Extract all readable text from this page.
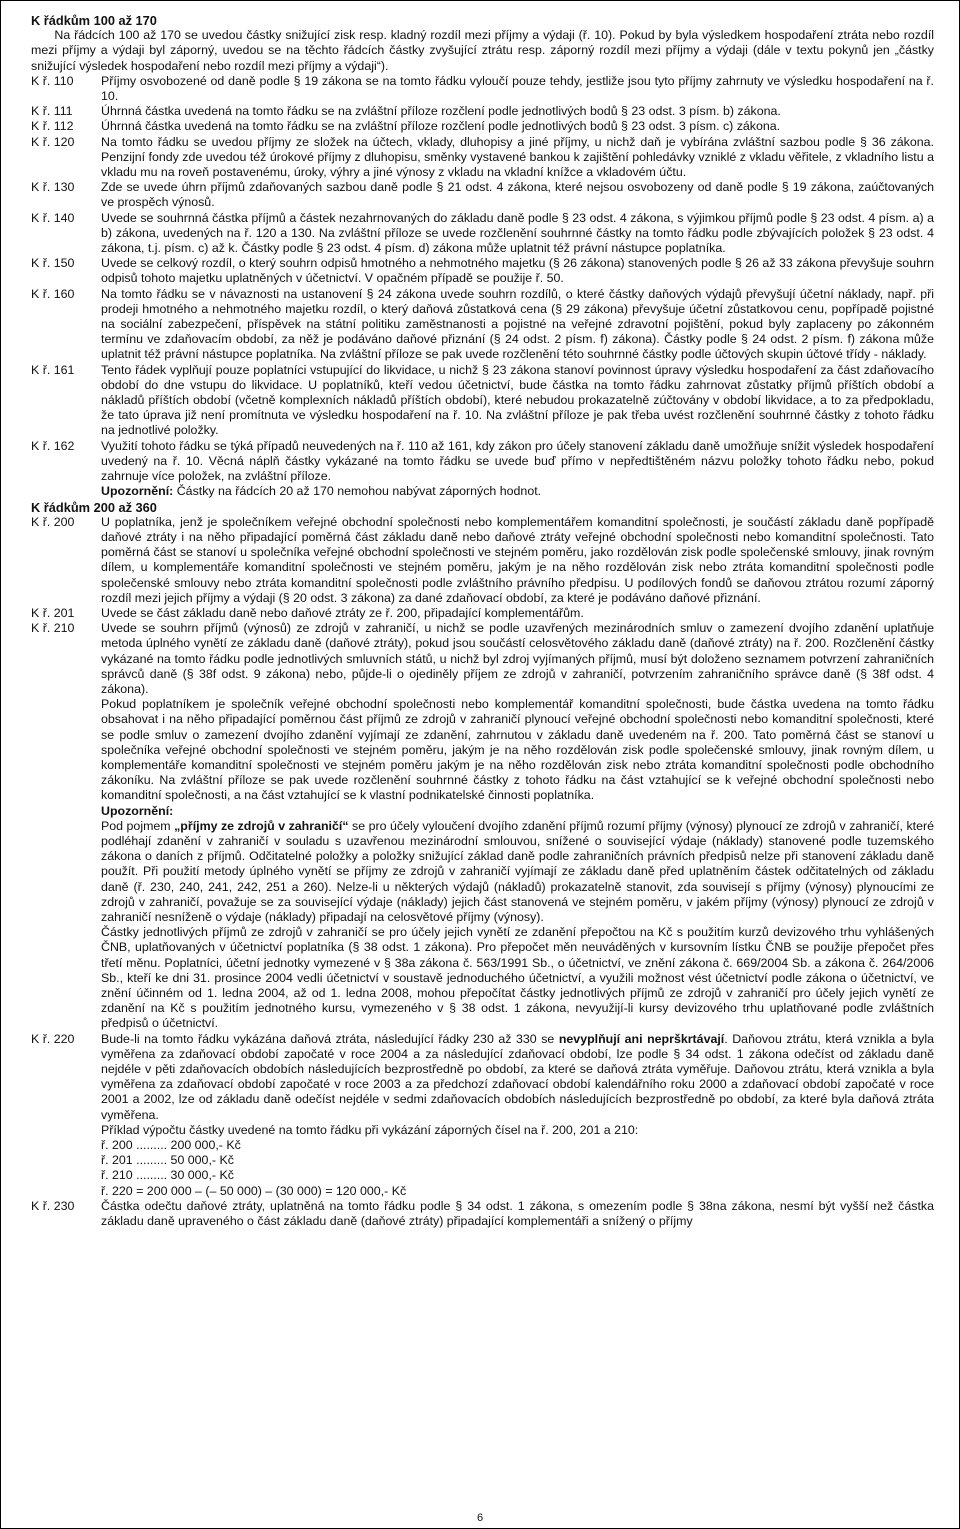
K řádkům 100 až 170

Na řádcích 100 až 170 se uvedou částky snižující zisk resp. kladný rozdíl mezi příjmy a výdaji (ř. 10). Pokud by byla výsledkem hospodaření ztráta nebo rozdíl mezi příjmy a výdaji byl záporný, uvedou se na těchto řádcích částky zvyšující ztrátu resp. záporný rozdíl mezi příjmy a výdaji (dále v textu pokynů jen „částky snižující výsledek hospodaření nebo rozdíl mezi příjmy a výdaji“).

K ř. 110	Příjmy osvobozené od daně podle § 19 zákona se na tomto řádku vyloučí pouze tehdy, jestliže jsou tyto příjmy zahrnuty ve výsledku hospodaření na ř. 10.
K ř. 111	Úhrnná částka uvedená na tomto řádku se na zvláštní příloze rozčlení podle jednotlivých bodů § 23 odst. 3 písm. b) zákona.
K ř. 112	Úhrnná částka uvedená na tomto řádku se na zvláštní příloze rozčlení podle jednotlivých bodů § 23 odst. 3 písm. c) zákona.
K ř. 120	Na tomto řádku se uvedou příjmy ze složek na účtech, vklady, dluhopisy a jiné příjmy, u nichž daň je vybírána zvláštní sazbou podle § 36 zákona. Penzijní fondy zde uvedou též úrokové příjmy z dluhopisu, směnky vystavené bankou k zajištění pohledávky vzniklé z vkladu věřitele, z vkladního listu a vkladu mu na roveň postavenému, úroky, výhry a jiné výnosy z vkladu na vkladní knížce a vkladovém účtu.
K ř. 130	Zde se uvede úhrn příjmů zdaňovaných sazbou daně podle § 21 odst. 4 zákona, které nejsou osvobozeny od daně podle § 19 zákona, zaúčtovaných ve prospěch výnosů.
K ř. 140	Uvede se souhrnná částka příjmů a částek nezahrnovaných do základu daně podle § 23 odst. 4 zákona, s výjimkou příjmů podle § 23 odst. 4 písm. a) a b) zákona, uvedených na ř. 120 a 130. Na zvláštní příloze se uvede rozčlenění souhrnné částky na tomto řádku podle zbývajících položek § 23 odst. 4 zákona, t.j. písm. c) až k. Částky podle § 23 odst. 4 písm. d) zákona může uplatnit též právní nástupce poplatníka.
K ř. 150	Uvede se celkový rozdíl, o který souhrn odpisů hmotného a nehmotného majetku (§ 26 zákona) stanovených podle § 26 až 33 zákona převyšuje souhrn odpisů tohoto majetku uplatněných v účetnictví. V opačném případě se použije ř. 50.
K ř. 160	Na tomto řádku se v návaznosti na ustanovení § 24 zákona uvede souhrn rozdílů, o které částky daňových výdajů převyšují účetní náklady, např. při prodeji hmotného a nehmotného majetku rozdíl, o který daňová zůstatková cena (§ 29 zákona) převyšuje účetní zůstatkovou cenu, popřípadě pojistné na sociální zabezpečení, příspěvek na státní politiku zaměstnanosti a pojistné na veřejné zdravotní pojištění, pokud byly zaplaceny po zákonném termínu ve zdaňovacím období, za něž je podáváno daňové přiznání (§ 24 odst. 2 písm. f) zákona). Částky podle § 24 odst. 2 písm. f) zákona může uplatnit též právní nástupce poplatníka. Na zvláštní příloze se pak uvede rozčlenění této souhrnné částky podle účtových skupin účtové třídy - náklady.
K ř. 161	Tento řádek vyplňují pouze poplatníci vstupující do likvidace, u nichž § 23 zákona stanoví povinnost úpravy výsledku hospodaření za část zdaňovacího období do dne vstupu do likvidace. U poplatníků, kteří vedou účetnictví, bude částka na tomto řádku zahrnovat zůstatky příjmů příštích období a nákladů příštích období (včetně komplexních nákladů příštích období), které nebudou prokazatelně zúčtovány v období likvidace, a to za předpokladu, že tato úprava již není promítnuta ve výsledku hospodaření na ř. 10. Na zvláštní příloze je pak třeba uvést rozčlenění souhrnné částky z tohoto řádku na jednotlivé položky.
K ř. 162	Využití tohoto řádku se týká případů neuvedených na ř. 110 až 161, kdy zákon pro účely stanovení základu daně umožňuje snížit výsledek hospodaření uvedený na ř. 10. Věcná náplň částky vykázané na tomto řádku se uvede buď přímo v nepředtištěném názvu položky tohoto řádku nebo, pokud zahrnuje více položek, na zvláštní příloze.

Upozornění: Částky na řádcích 20 až 170 nemohou nabývat záporných hodnot.

K řádkům 200 až 360

K ř. 200	U poplatníka, jenž je společníkem veřejné obchodní společnosti nebo komplementářem komanditní společnosti, je součástí základu daně popřípadě daňové ztráty i na něho připadající poměrná část základu daně nebo daňové ztráty veřejné obchodní společnosti nebo komanditní společnosti. Tato poměrná část se stanoví u společníka veřejné obchodní společnosti ve stejném poměru, jako rozdělován zisk podle společenské smlouvy, jinak rovným dílem, u komplementáře komanditní společnosti ve stejném poměru, jakým je na něho rozdělován zisk nebo ztráta komanditní společnosti podle společenské smlouvy nebo ztráta komanditní společnosti podle zvláštního právního předpisu. U podílových fondů se daňovou ztrátou rozumí záporný rozdíl mezi jejich příjmy a výdaji (§ 20 odst. 3 zákona) za dané zdaňovací období, za které je podáváno daňové přiznání.
K ř. 201	Uvede se část základu daně nebo daňové ztráty ze ř. 200, připadající komplementářům.
K ř. 210	Uvede se souhrn příjmů (výnosů) ze zdrojů v zahraničí, u nichž se podle uzavřených mezinárodních smluv o zamezení dvojího zdanění uplatňuje metoda úplného vynětí ze základu daně (daňové ztráty), pokud jsou součástí celosvětového základu daně (daňové ztráty) na ř. 200. Rozčlenění částky vykázané na tomto řádku podle jednotlivých smluvních států, u nichž byl zdroj vyjímaných příjmů, musí být doloženo seznamem potvrzení zahraničních správců daně (§ 38f odst. 9 zákona) nebo, půjde-li o ojediněly příjem ze zdrojů v zahraničí, potvrzením zahraničního správce daně (§ 38f odst. 4 zákona).

Pokud poplatníkem je společník veřejné obchodní společnosti nebo komplementář komanditní společnosti, bude částka uvedena na tomto řádku obsahovat i na něho připadající poměrnou část příjmů ze zdrojů v zahraničí plynoucí veřejné obchodní společnosti nebo komanditní společnosti, které se podle smluv o zamezení dvojího zdanění vyjímají ze zdanění, zahrnutou v základu daně uvedeném na ř. 200. Tato poměrná část se stanoví u společníka veřejné obchodní společnosti ve stejném poměru, jakým je na něho rozdělován zisk podle společenské smlouvy, jinak rovným dílem, u komplementáře komanditní společnosti ve stejném poměru jakým je na něho rozdělován zisk nebo ztráta komanditní společnosti podle obchodního zákoníku. Na zvláštní příloze se pak uvede rozčlenění souhrnné částky z tohoto řádku na část vztahující se k veřejné obchodní společnosti nebo komanditní společnosti, a na část vztahující se k vlastní podnikatelské činnosti poplatníka.

Upozornění:

Pod pojmem „příjmy ze zdrojů v zahraničí“ se pro účely vyloučení dvojího zdanění příjmů rozumí příjmy (výnosy) plynoucí ze zdrojů v zahraničí, které podléhají zdanění v zahraničí v souladu s uzavřenou mezinárodní smlouvou, snížené o související výdaje (náklady) stanovené podle tuzemského zákona o daních z příjmů. Odčitatelné položky a položky snižující základ daně podle zahraničních právních předpisů nelze při stanovení základu daně použít. Při použití metody úplného vynětí se příjmy ze zdrojů v zahraničí vyjímají ze základu daně před uplatněním částek odčitatelných od základu daně (ř. 230, 240, 241, 242, 251 a 260). Nelze-li u některých výdajů (nákladů) prokazatelně stanovit, zda souvisejí s příjmy (výnosy) plynoucími ze zdrojů v zahraničí, považuje se za související výdaje (náklady) jejich část stanovená ve stejném poměru, v jakém příjmy (výnosy) plynoucí ze zdrojů v zahraničí nesníženě o výdaje (náklady) připadají na celosvětové příjmy (výnosy).

Částky jednotlivých příjmů ze zdrojů v zahraničí se pro účely jejich vynětí ze zdanění přepočtou na Kč s použitím kurzů devizového trhu vyhlášených ČNB, uplatňovaných v účetnictví poplatníka (§ 38 odst. 1 zákona). Pro přepočet měn neuváděných v kursovním lístku ČNB se použije přepočet přes třetí měnu. Poplatníci, účetní jednotky vymezené v § 38a zákona č. 563/1991 Sb., o účetnictví, ve znění zákona č. 669/2004 Sb. a zákona č. 264/2006 Sb., kteří ke dni 31. prosince 2004 vedli účetnictví v soustavě jednoduchého účetnictví, a využili možnost vést účetnictví podle zákona o účetnictví, ve znění účinném od 1. ledna 2004, až od 1. ledna 2008, mohou přepočítat částky jednotlivých příjmů ze zdrojů v zahraničí pro účely jejich vynětí ze zdanění na Kč s použitím jednotného kursu, vymezeného v § 38 odst. 1 zákona, nevyužijí-li kursy devizového trhu uplatňované podle zvláštních předpisů o účetnictví.

K ř. 220	Bude-li na tomto řádku vykázána daňová ztráta, následující řádky 230 až 330 se nevyplňují ani neprškrtávají. Daňovou ztrátu, která vznikla a byla vyměřena za zdaňovací období započaté v roce 2004 a za následující zdaňovací období, lze podle § 34 odst. 1 zákona odečíst od základu daně nejdéle v pěti zdaňovacích obdobích následujících bezprostředně po období, za které se daňová ztráta vyměřuje. Daňovou ztrátu, která vznikla a byla vyměřena za zdaňovací období započaté v roce 2003 a za předchozí zdaňovací období kalendářního roku 2000 a zdaňovací období započaté v roce 2001 a 2002, lze od základu daně odečíst nejdéle v sedmi zdaňovacích obdobích následujících bezprostředně po období, za které byla daňová ztráta vyměřena.

Příklad výpočtu částky uvedené na tomto řádku při vykázání záporných čísel na ř. 200, 201 a 210:

ř. 200 ......... 200 000,- Kč
ř. 201 ......... 50 000,- Kč
ř. 210 ......... 30 000,- Kč
ř. 220 = 200 000 – (– 50 000) – (30 000) = 120 000,- Kč
K ř. 230	Částka odečtu daňové ztráty, uplatněná na tomto řádku podle § 34 odst. 1 zákona, s omezením podle § 38na zákona, nesmí být vyšší než částka základu daně upraveného o část základu daně (daňové ztráty) připadající komplementáři a snížený o příjmy
6
